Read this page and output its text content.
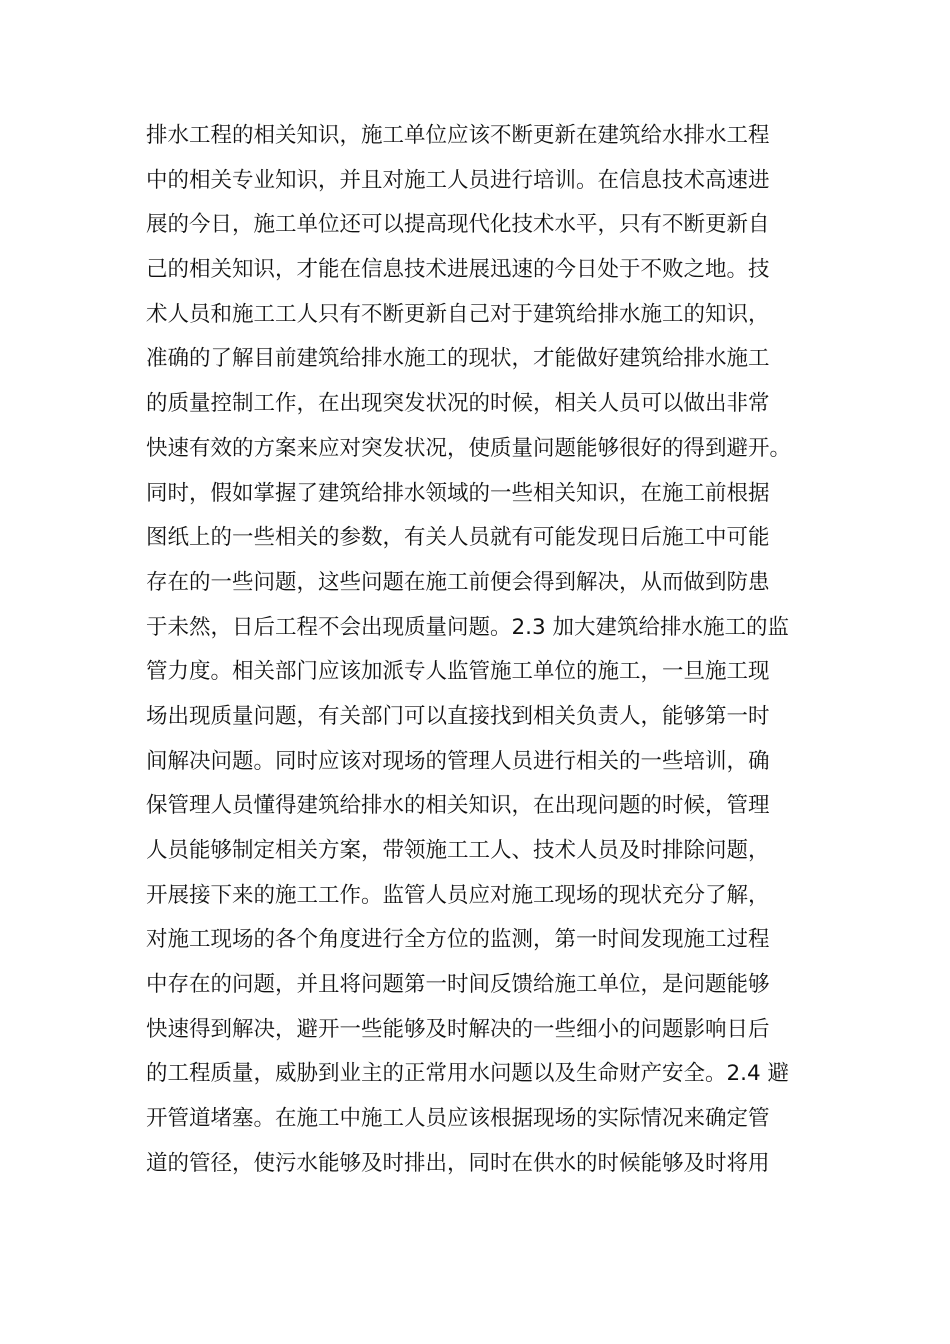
排水工程的相关知识，施工单位应该不断更新在建筑给水排水工程

中的相关专业知识，并且对施工人员进行培训。在信息技术高速进

展的今日，施工单位还可以提高现代化技术水平，只有不断更新自

己的相关知识，才能在信息技术进展迅速的今日处于不败之地。技

术人员和施工工人只有不断更新自己对于建筑给排水施工的知识，

准确的了解目前建筑给排水施工的现状，才能做好建筑给排水施工

的质量控制工作，在出现突发状况的时候，相关人员可以做出非常

快速有效的方案来应对突发状况，使质量问题能够很好的得到避开。

同时，假如掌握了建筑给排水领域的一些相关知识，在施工前根据

图纸上的一些相关的参数，有关人员就有可能发现日后施工中可能

存在的一些问题，这些问题在施工前便会得到解决，从而做到防患

于未然，日后工程不会出现质量问题。2.3 加大建筑给排水施工的监

管力度。相关部门应该加派专人监管施工单位的施工，一旦施工现

场出现质量问题，有关部门可以直接找到相关负责人，能够第一时

间解决问题。同时应该对现场的管理人员进行相关的一些培训，确

保管理人员懂得建筑给排水的相关知识，在出现问题的时候，管理

人员能够制定相关方案，带领施工工人、技术人员及时排除问题，

开展接下来的施工工作。监管人员应对施工现场的现状充分了解，

对施工现场的各个角度进行全方位的监测，第一时间发现施工过程

中存在的问题，并且将问题第一时间反馈给施工单位，是问题能够

快速得到解决，避开一些能够及时解决的一些细小的问题影响日后

的工程质量，威胁到业主的正常用水问题以及生命财产安全。2.4 避

开管道堵塞。在施工中施工人员应该根据现场的实际情况来确定管

道的管径，使污水能够及时排出，同时在供水的时候能够及时将用
